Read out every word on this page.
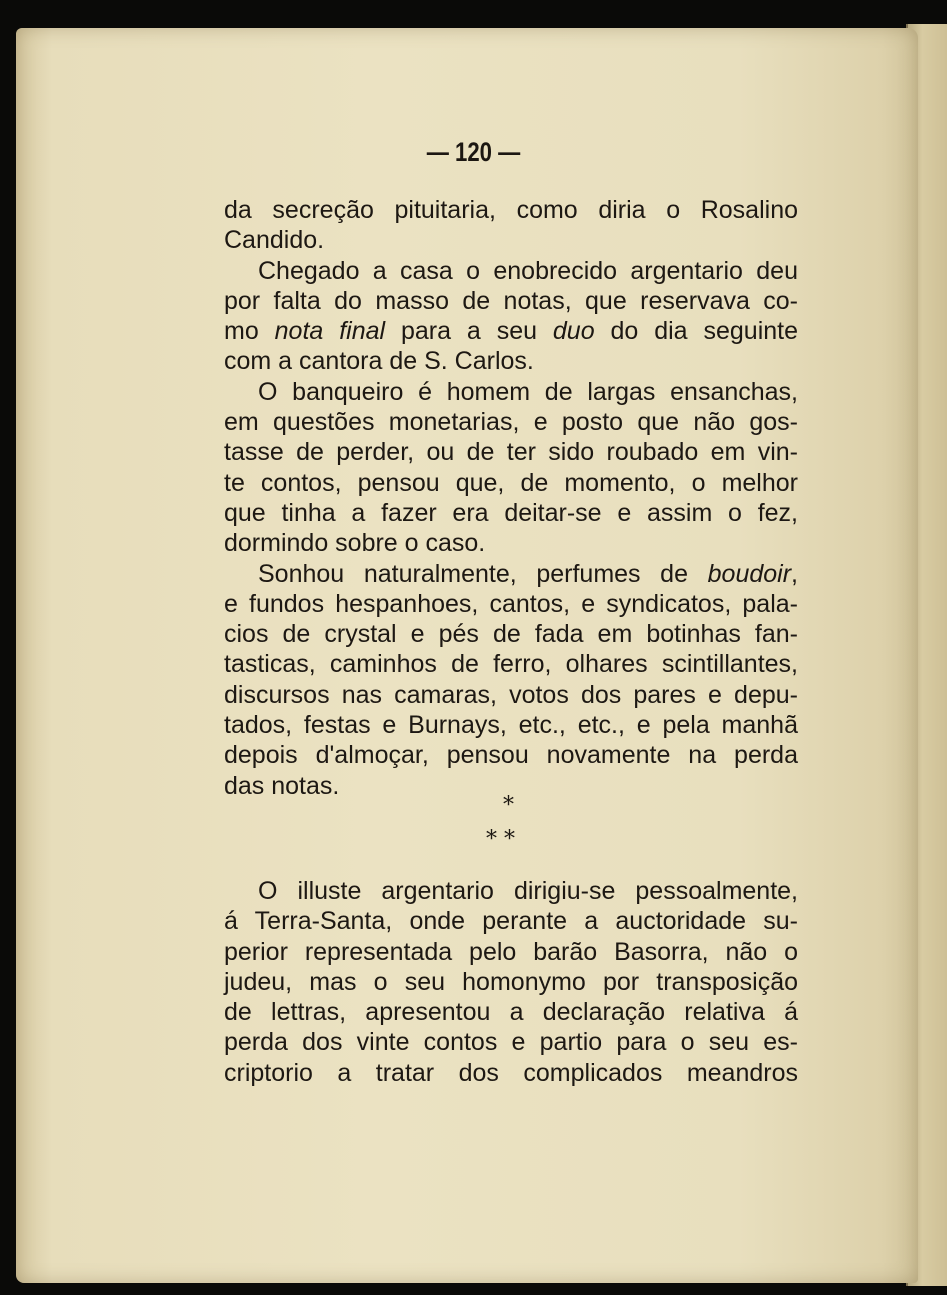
— 120 —
da secreção pituitaria, como diria o Rosalino
Candido.
Chegado a casa o enobrecido argentario deu
por falta do masso de notas, que reservava co-
mo nota final para a seu duo do dia seguinte
com a cantora de S. Carlos.
O banqueiro é homem de largas ensanchas,
em questões monetarias, e posto que não gos-
tasse de perder, ou de ter sido roubado em vin-
te contos, pensou que, de momento, o melhor
que tinha a fazer era deitar-se e assim o fez,
dormindo sobre o caso.
Sonhou naturalmente, perfumes de boudoir,
e fundos hespanhoes, cantos, e syndicatos, pala-
cios de crystal e pés de fada em botinhas fan-
tasticas, caminhos de ferro, olhares scintillantes,
discursos nas camaras, votos dos pares e depu-
tados, festas e Burnays, etc., etc., e pela manhã
depois d'almoçar, pensou novamente na perda
das notas.
*
* *
O illuste argentario dirigiu-se pessoalmente,
á Terra-Santa, onde perante a auctoridade su-
perior representada pelo barão Basorra, não o
judeu, mas o seu homonymo por transposição
de lettras, apresentou a declaração relativa á
perda dos vinte contos e partio para o seu es-
criptorio a tratar dos complicados meandros
